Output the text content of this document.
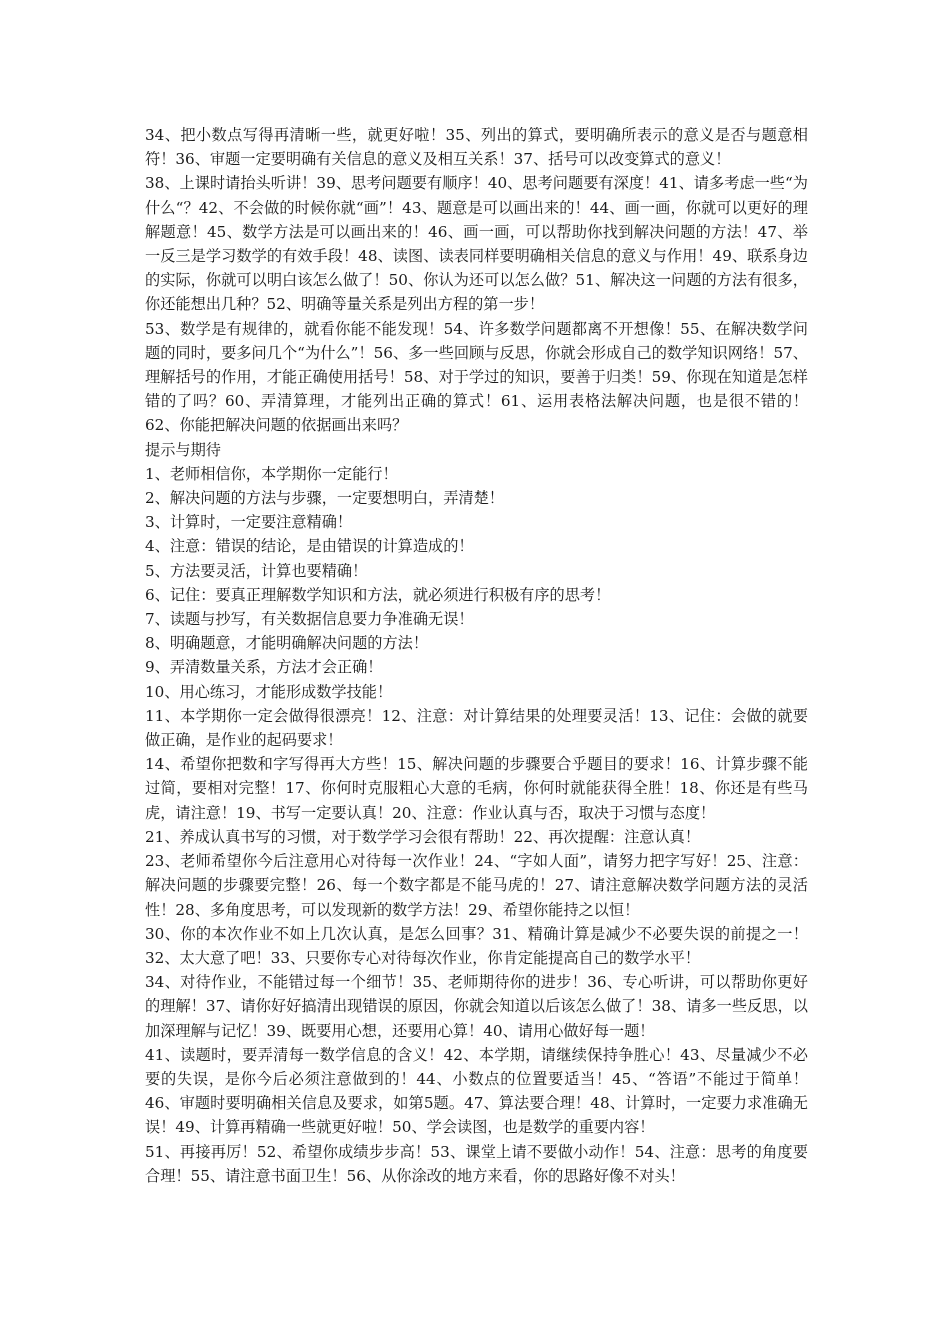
34、把小数点写得再清晰一些，就更好啦！35、列出的算式，要明确所表示的意义是否与题意相符！36、审题一定要明确有关信息的意义及相互关系！37、括号可以改变算式的意义！

38、上课时请抬头听讲！39、思考问题要有顺序！40、思考问题要有深度！41、请多考虑一些“为什么“？42、不会做的时候你就“画”！43、题意是可以画出来的！44、画一画，你就可以更好的理解题意！45、数学方法是可以画出来的！46、画一画，可以帮助你找到解决问题的方法！47、举一反三是学习数学的有效手段！48、读图、读表同样要明确相关信息的意义与作用！49、联系身边的实际，你就可以明白该怎么做了！50、你认为还可以怎么做？51、解决这一问题的方法有很多，你还能想出几种？52、明确等量关系是列出方程的第一步！

53、数学是有规律的，就看你能不能发现！54、许多数学问题都离不开想像！55、在解决数学问题的同时，要多问几个“为什么”！56、多一些回顾与反思，你就会形成自己的数学知识网络！57、理解括号的作用，才能正确使用括号！58、对于学过的知识，要善于归类！59、你现在知道是怎样错的了吗？60、弄清算理，才能列出正确的算式！61、运用表格法解决问题，也是很不错的！62、你能把解决问题的依据画出来吗？

提示与期待

1、老师相信你，本学期你一定能行！

2、解决问题的方法与步骤，一定要想明白，弄清楚！

3、计算时，一定要注意精确！

4、注意：错误的结论，是由错误的计算造成的！

5、方法要灵活，计算也要精确！

6、记住：要真正理解数学知识和方法，就必须进行积极有序的思考！

7、读题与抄写，有关数据信息要力争准确无误！

8、明确题意，才能明确解决问题的方法！

9、弄清数量关系，方法才会正确！

10、用心练习，才能形成数学技能！

11、本学期你一定会做得很漂亮！12、注意：对计算结果的处理要灵活！13、记住：会做的就要做正确，是作业的起码要求！

14、希望你把数和字写得再大方些！15、解决问题的步骤要合乎题目的要求！16、计算步骤不能过简，要相对完整！17、你何时克服粗心大意的毛病，你何时就能获得全胜！18、你还是有些马虎，请注意！19、书写一定要认真！20、注意：作业认真与否，取决于习惯与态度！

21、养成认真书写的习惯，对于数学学习会很有帮助！22、再次提醒：注意认真！

23、老师希望你今后注意用心对待每一次作业！24、“字如人面”，请努力把字写好！25、注意：解决问题的步骤要完整！26、每一个数字都是不能马虎的！27、请注意解决数学问题方法的灵活性！28、多角度思考，可以发现新的数学方法！29、希望你能持之以恒！

30、你的本次作业不如上几次认真，是怎么回事？31、精确计算是减少不必要失误的前提之一！32、太大意了吧！33、只要你专心对待每次作业，你肯定能提高自己的数学水平！

34、对待作业，不能错过每一个细节！35、老师期待你的进步！36、专心听讲，可以帮助你更好的理解！37、请你好好搞清出现错误的原因，你就会知道以后该怎么做了！38、请多一些反思，以加深理解与记忆！39、既要用心想，还要用心算！40、请用心做好每一题！

41、读题时，要弄清每一数学信息的含义！42、本学期，请继续保持争胜心！43、尽量减少不必要的失误，是你今后必须注意做到的！44、小数点的位置要适当！45、“答语”不能过于简单！46、审题时要明确相关信息及要求，如第5题。47、算法要合理！48、计算时，一定要力求准确无误！49、计算再精确一些就更好啦！50、学会读图，也是数学的重要内容！

51、再接再厉！52、希望你成绩步步高！53、课堂上请不要做小动作！54、注意：思考的角度要合理！55、请注意书面卫生！56、从你涂改的地方来看，你的思路好像不对头！
